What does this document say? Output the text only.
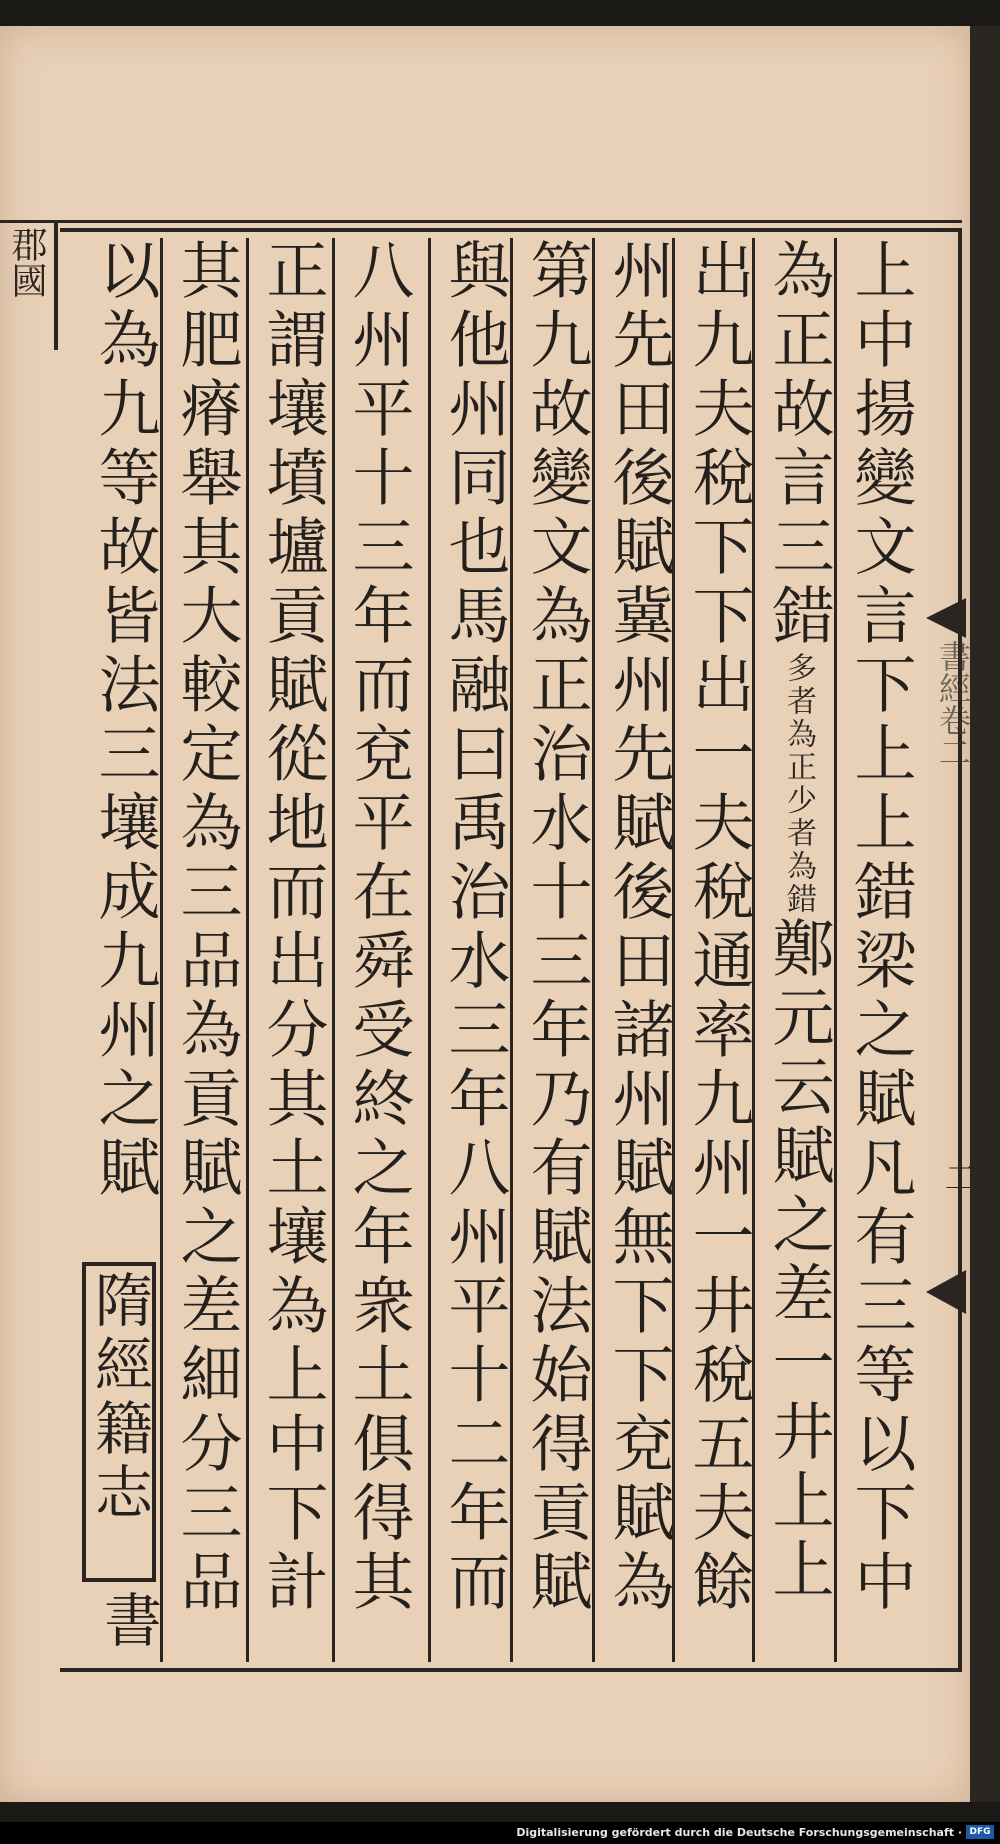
郡國
書經卷二
二
上中揚變文言下上上錯梁之賦凡有三等以下中
為正故言三錯多者為正少者為錯鄭元云賦之差一井上上
出九夫稅下下出一夫稅通率九州一井稅五夫餘
州先田後賦冀州先賦後田諸州賦無下下兗賦為
第九故變文為正治水十三年乃有賦法始得貢賦
與他州同也馬融曰禹治水三年八州平十二年而
八州平十三年而兗平在舜受終之年衆土俱得其
正謂壤墳壚貢賦從地而出分其土壤為上中下計
其肥瘠舉其大較定為三品為貢賦之差細分三品
以為九等故皆法三壤成九州之賦
隋經籍志
書
Digitalisierung gefördert durch die Deutsche Forschungsgemeinschaft · DFG
